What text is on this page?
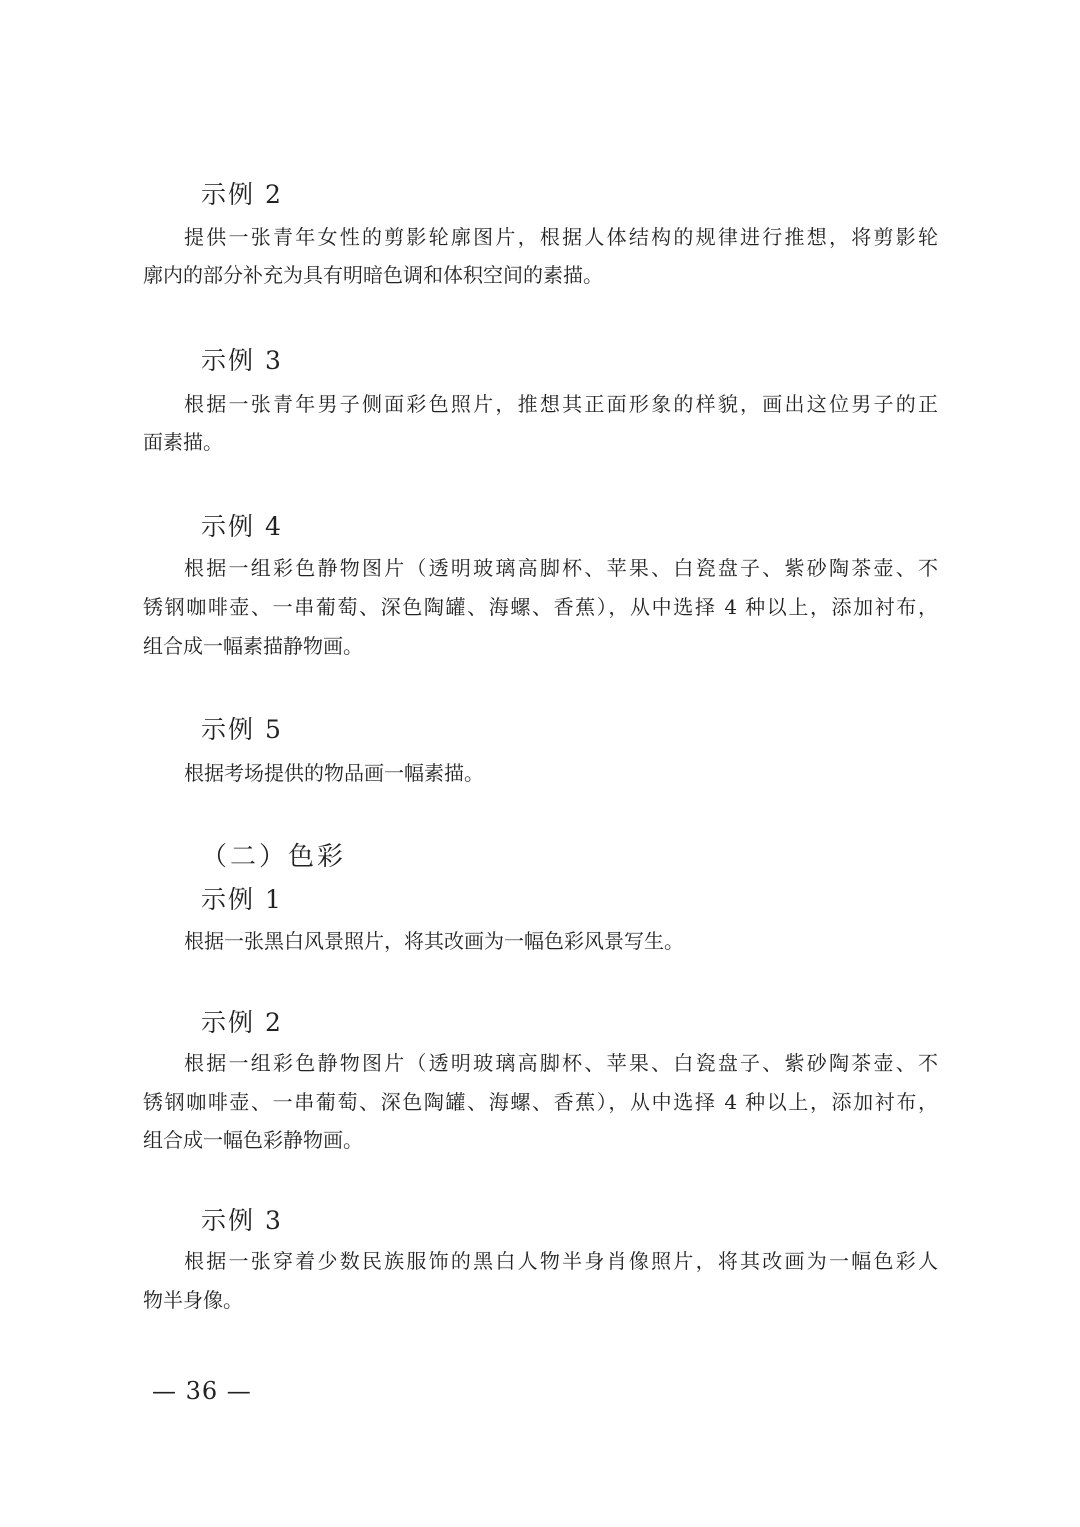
示例 2
提供一张青年女性的剪影轮廓图片，根据人体结构的规律进行推想，将剪影轮
廓内的部分补充为具有明暗色调和体积空间的素描。
示例 3
根据一张青年男子侧面彩色照片，推想其正面形象的样貌，画出这位男子的正
面素描。
示例 4
根据一组彩色静物图片（透明玻璃高脚杯、苹果、白瓷盘子、紫砂陶茶壶、不
锈钢咖啡壶、一串葡萄、深色陶罐、海螺、香蕉），从中选择 4 种以上，添加衬布，
组合成一幅素描静物画。
示例 5
根据考场提供的物品画一幅素描。
（二）色彩
示例 1
根据一张黑白风景照片，将其改画为一幅色彩风景写生。
示例 2
根据一组彩色静物图片（透明玻璃高脚杯、苹果、白瓷盘子、紫砂陶茶壶、不
锈钢咖啡壶、一串葡萄、深色陶罐、海螺、香蕉），从中选择 4 种以上，添加衬布，
组合成一幅色彩静物画。
示例 3
根据一张穿着少数民族服饰的黑白人物半身肖像照片，将其改画为一幅色彩人
物半身像。
— 36 —
